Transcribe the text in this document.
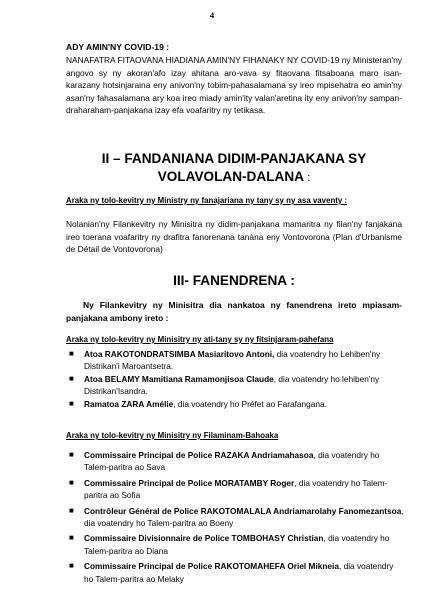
4
ADY AMIN'NY COVID-19 :
NANAFATRA FITAOVANA HIADIANA AMIN'NY FIHANAKY NY COVID-19 ny Ministeran'ny angovo sy ny akoran'afo izay ahitana aro-vava sy fitaovana fitsaboana maro isan-karazany hotsinjaraina eny anivon'ny tobim-pahasalamana sy ireo mpisehatra eo amin'ny asan'ny fahasalamana ary koa ireo miady amin'ity valan'aretina ity eny anivon'ny sampan-draharaham-panjakana izay efa voafaritry ny tetikasa.
II – FANDANIANA DIDIM-PANJAKANA SY VOLAVOLAN-DALANA :
Araka ny tolo-kevitry ny Ministry ny fanajariana ny tany sy ny asa vaventy :
Nolanian'ny Filankevitry ny Minisitra ny didim-panjakana mamaritra ny filan'ny fanjakana ireo toerana voafaritry ny drafitra fanorenana tanàna eny Vontovorona (Plan d'Urbanisme de Détail de Vontovorona)
III- FANENDRENA :
Ny Filankevitry ny Minisitra dia nankatoa ny fanendrena ireto mpiasam-panjakana ambony ireto :
Araka ny tolo-kevitry ny Minisitry ny ati-tany sy ny fitsinjaram-pahefana
■ Atoa RAKOTONDRATSIMBA Masiaritovo Antoni, dia voatendry ho Lehiben'ny Distrikan'i Maroantsetra.
■ Atoa BELAMY Mamitiana Ramamonjisoa Claude, dia voatendry ho lehiben'ny Distrikan'Isandra.
■ Ramatoa ZARA Amélie, dia voatendry ho Préfet ao Farafangana.
Araka ny tolo-kevitry ny Minisitry ny Filaminam-Bahoaka
■ Commissaire Principal de Police RAZAKA Andriamahasoa, dia voatendry ho Talem-paritra ao Sava
■ Commissaire Principal de Police MORATAMBY Roger, dia voatendry ho Talem-paritra ao Sofia
■ Contrôleur Général de Police RAKOTOMALALA Andriamarolahy Fanomezantsoa, dia voatendry ho Talem-paritra ao Boeny
■ Commissaire Divisionnaire de Police TOMBOHASY Christian, dia voatendry ho Talem-paritra ao Diana
■ Commissaire Principal de Police RAKOTOMAHEFA Oriel Mikneia, dia voatendry ho Talem-paritra ao Melaky
